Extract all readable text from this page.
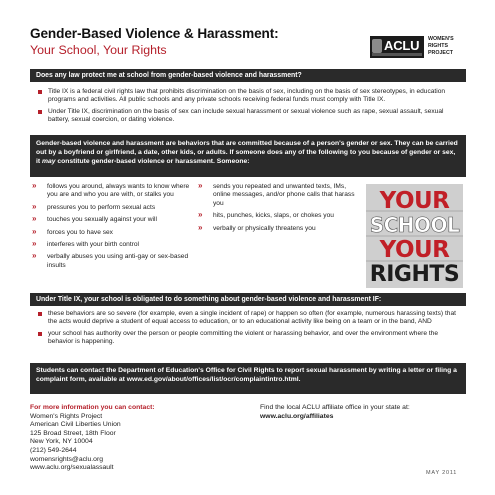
Gender-Based Violence & Harassment:
Your School, Your Rights	ACLU WOMEN'S
RIGHTS
PROJECT
Does any law protect me at school from gender-based violence and harassment?
Title IX is a federal civil rights law that prohibits discrimination on the basis of sex, including on the basis of sex stereotypes, in education programs and activities. All public schools and any private schools receiving federal funds must comply with Title IX.
Under Title IX, discrimination on the basis of sex can include sexual harassment or sexual violence such as rape, sexual assault, sexual battery, sexual coercion, or dating violence.
Gender-based violence and harassment are behaviors that are committed because of a person's gender or sex. They can be carried out by a boyfriend or girlfriend, a date, other kids, or adults. If someone does any of the following to you because of gender or sex, it may constitute gender-based violence or harassment. Someone:
» follows you around, always wants to know where you are and who you are with, or stalks you
» pressures you to perform sexual acts
» touches you sexually against your will
» forces you to have sex
» interferes with your birth control
» verbally abuses you using anti-gay or sex-based insults
» sends you repeated and unwanted texts, IMs, online messages, and/or phone calls that harass you
» hits, punches, kicks, slaps, or chokes you
» verbally or physically threatens you
YOUR
SCHOOL
YOUR
RIGHTS
Under Title IX, your school is obligated to do something about gender-based violence and harassment IF:
these behaviors are so severe (for example, even a single incident of rape) or happen so often (for example, numerous harassing texts) that the acts would deprive a student of equal access to education, or to an educational activity like being on a team or in the band, AND
your school has authority over the person or people committing the violent or harassing behavior, and over the environment where the behavior is happening.
Students can contact the Department of Education's Office for Civil Rights to report sexual harassment by writing a letter or filing a complaint form, available at www.ed.gov/about/offices/list/ocr/complaintintro.html.
For more information you can contact:
Women's Rights Project
American Civil Liberties Union
125 Broad Street, 18th Floor
New York, NY 10004
(212) 549-2644
womensrights@aclu.org
www.aclu.org/sexualassault
Find the local ACLU affiliate office in your state at:
www.aclu.org/affiliates
MAY 2011
